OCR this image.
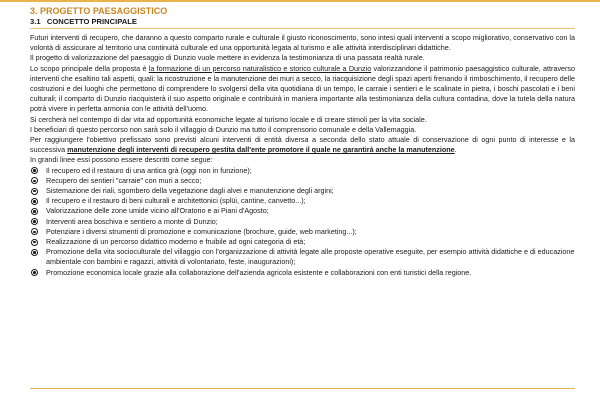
3. PROGETTO PAESAGGISTICO
3.1 CONCETTO PRINCIPALE

Futuri interventi di recupero, che daranno a questo comparto rurale e culturale il giusto riconoscimento, sono intesi quali interventi a scopo migliorativo, conservativo con la volontà di assicurare al territorio una continuità culturale ed una opportunità legata al turismo e alle attività interdisciplinari didattiche.

Il progetto di valorizzazione del paesaggio di Dunzio vuole mettere in evidenza la testimonianza di una passata realtà rurale.

Lo scopo principale della proposta è la formazione di un percorso naturalistico e storico culturale a Dunzio valorizzandone il patrimonio paesaggistico culturale, attraverso interventi che esaltino tali aspetti, quali: la ricostruzione e la manutenzione dei muri a secco, la riacquisizione degli spazi aperti frenando il rimboschimento, il recupero delle costruzioni e dei luoghi che permettono di comprendere lo svolgersi della vita quotidiana di un tempo, le carraie i sentieri e le scalinate in pietra, i boschi pascolati e i beni culturali; il comparto di Dunzio riacquisterà il suo aspetto originale e contribuirà in maniera importante alla testimonianza della cultura contadina, dove la tutela della natura potrà vivere in perfetta armonia con le attività dell'uomo.

Si cercherà nel contempo di dar vita ad opportunità economiche legate al turismo locale e di creare stimoli per la vita sociale.

I beneficiari di questo percorso non sarà solo il villaggio di Dunzio ma tutto il comprensorio comunale e della Vallemaggia.

Per raggiungere l'obiettivo prefissato sono previsti alcuni interventi di entità diversa a seconda dello stato attuale di conservazione di ogni punto di interesse e la successiva manutenzione degli interventi di recupero gestita dall'ente promotore il quale ne garantirà anche la manutenzione.

In grandi linee essi possono essere descritti come segue:

Il recupero ed il restauro di una antica grà (oggi non in funzione);
Recupero dei sentieri "carraie" con muri a secco;
Sistemazione dei riali, sgombero della vegetazione dagli alvei e manutenzione degli argini;
Il recupero e il restauro di beni culturali e architettonici (splüi, cantine, canvetto...);
Valorizzazione delle zone umide vicino all'Oratorio e ai Piani d'Agosto;
Interventi area boschiva e sentiero a monte di Dunzio;
Potenziare i diversi strumenti di promozione e comunicazione (brochure, guide, web marketing...);
Realizzazione di un percorso didattico moderno e fruibile ad ogni categoria di età;
Promozione della vita socioculturale del villaggio con l'organizzazione di attività legate alle proposte operative eseguite, per esempio attività didattiche e di educazione ambientale con bambini e ragazzi, attività di volontariato, feste, inaugurazioni);
Promozione economica locale grazie alla collaborazione dell'azienda agricola esistente e collaborazioni con enti turistici della regione.
